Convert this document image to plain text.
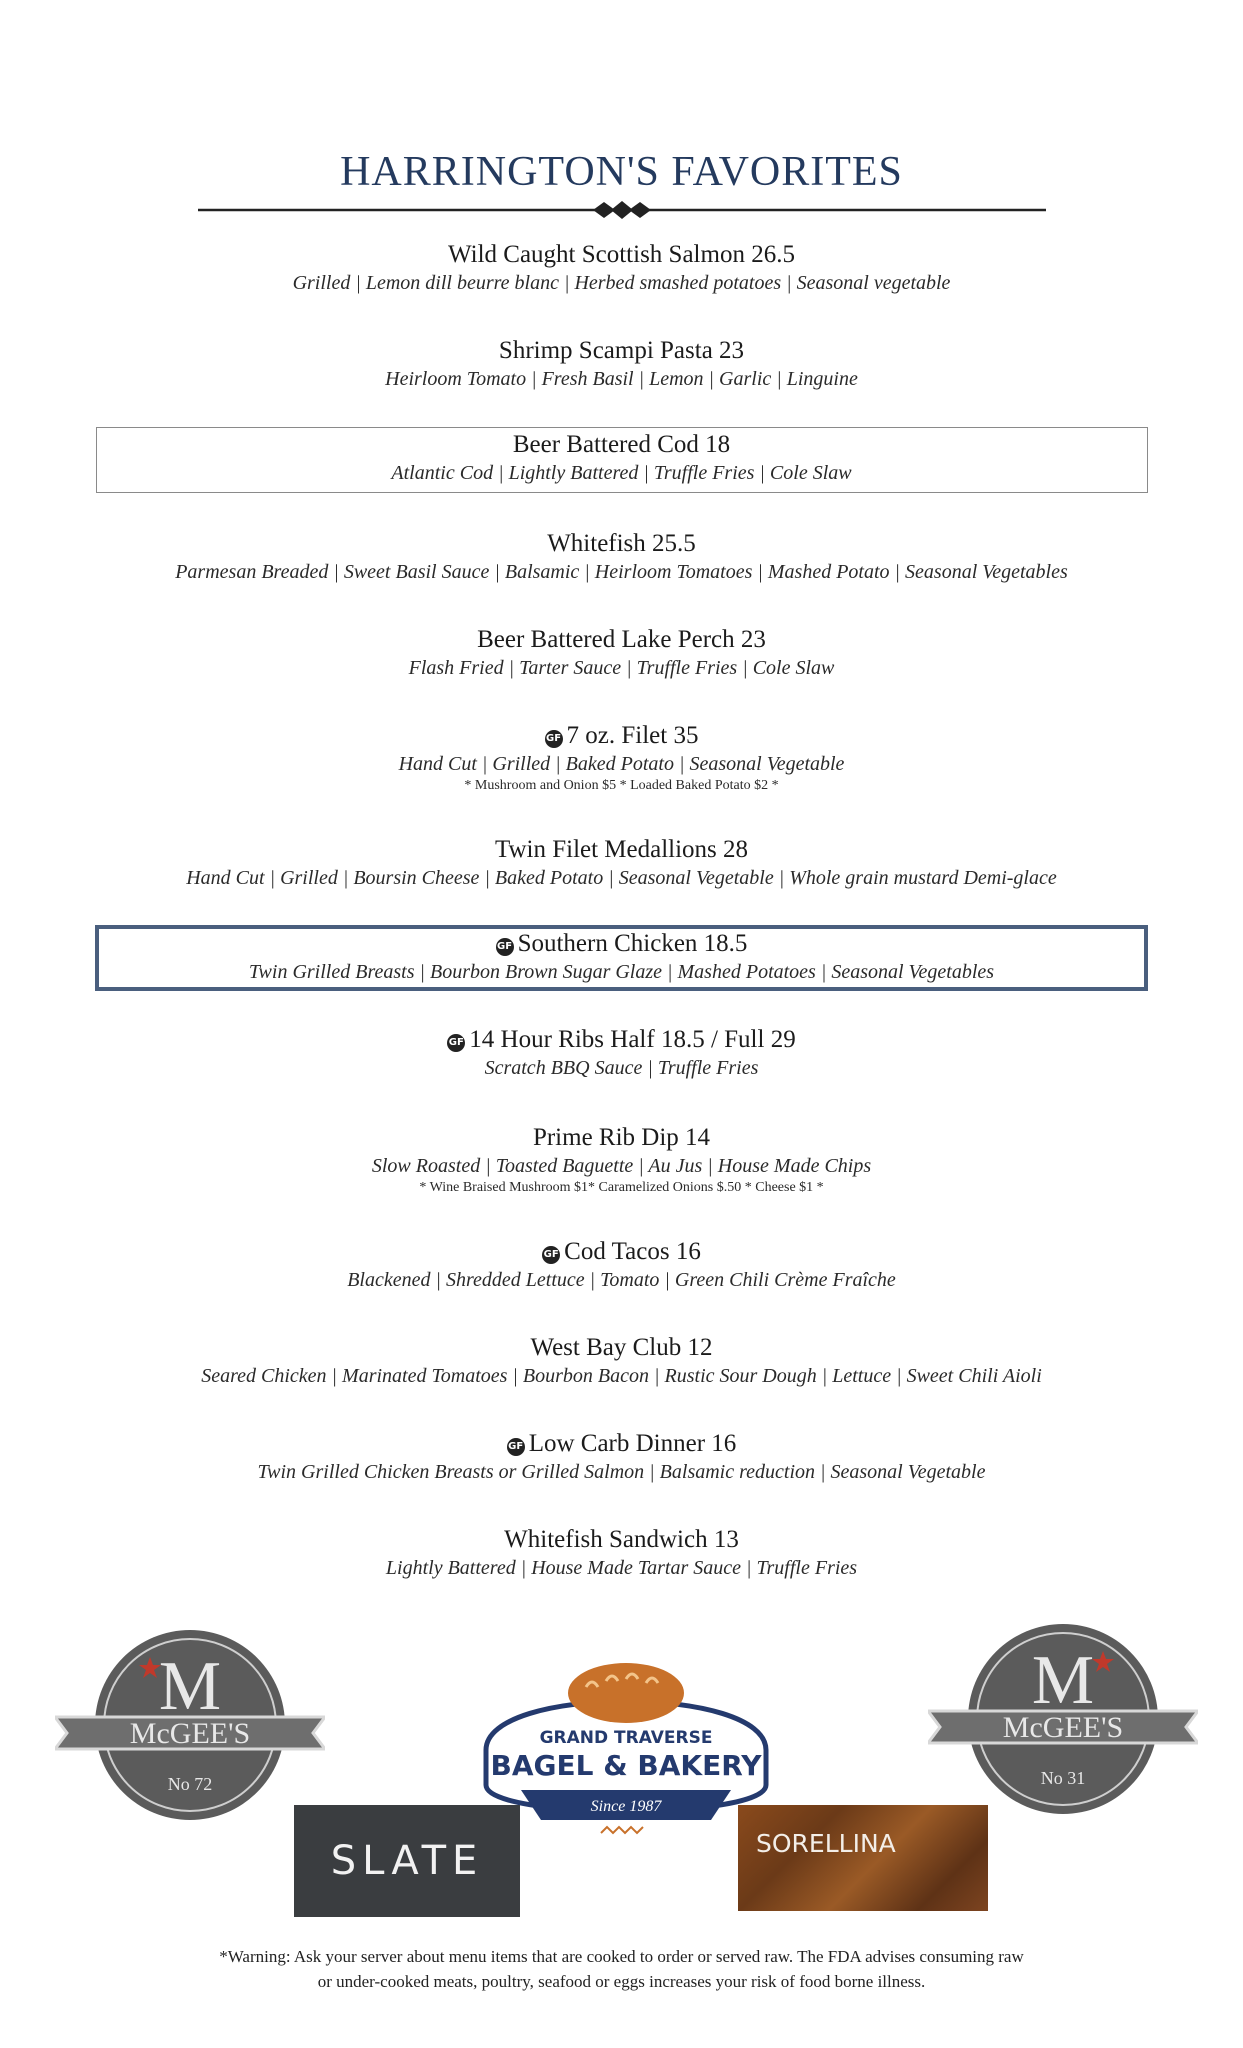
HARRINGTON'S FAVORITES
Wild Caught Scottish Salmon 26.5
Grilled | Lemon dill beurre blanc | Herbed smashed potatoes | Seasonal vegetable
Shrimp Scampi Pasta 23
Heirloom Tomato | Fresh Basil | Lemon | Garlic | Linguine
Beer Battered Cod 18
Atlantic Cod | Lightly Battered | Truffle Fries | Cole Slaw
Whitefish 25.5
Parmesan Breaded | Sweet Basil Sauce | Balsamic | Heirloom Tomatoes | Mashed Potato | Seasonal Vegetables
Beer Battered Lake Perch 23
Flash Fried | Tarter Sauce | Truffle Fries | Cole Slaw
GF 7 oz. Filet 35
Hand Cut | Grilled | Baked Potato | Seasonal Vegetable
* Mushroom and Onion $5 * Loaded Baked Potato $2 *
Twin Filet Medallions 28
Hand Cut | Grilled | Boursin Cheese | Baked Potato | Seasonal Vegetable | Whole grain mustard Demi-glace
GF Southern Chicken 18.5
Twin Grilled Breasts | Bourbon Brown Sugar Glaze | Mashed Potatoes | Seasonal Vegetables
GF 14 Hour Ribs Half 18.5 / Full 29
Scratch BBQ Sauce | Truffle Fries
Prime Rib Dip 14
Slow Roasted | Toasted Baguette | Au Jus | House Made Chips
* Wine Braised Mushroom $1* Caramelized Onions $.50 * Cheese $1 *
GF Cod Tacos 16
Blackened | Shredded Lettuce | Tomato | Green Chili Crème Fraîche
West Bay Club 12
Seared Chicken | Marinated Tomatoes | Bourbon Bacon | Rustic Sour Dough | Lettuce | Sweet Chili Aioli
GF Low Carb Dinner 16
Twin Grilled Chicken Breasts or Grilled Salmon | Balsamic reduction | Seasonal Vegetable
Whitefish Sandwich 13
Lightly Battered | House Made Tartar Sauce | Truffle Fries
M
McGEE'S
No 72
GRAND TRAVERSE
BAGEL & BAKERY
Since 1987
M
McGEE'S
No 31
SLATE	SORELLINA
*Warning: Ask your server about menu items that are cooked to order or served raw. The FDA advises consuming raw
or under-cooked meats, poultry, seafood or eggs increases your risk of food borne illness.
